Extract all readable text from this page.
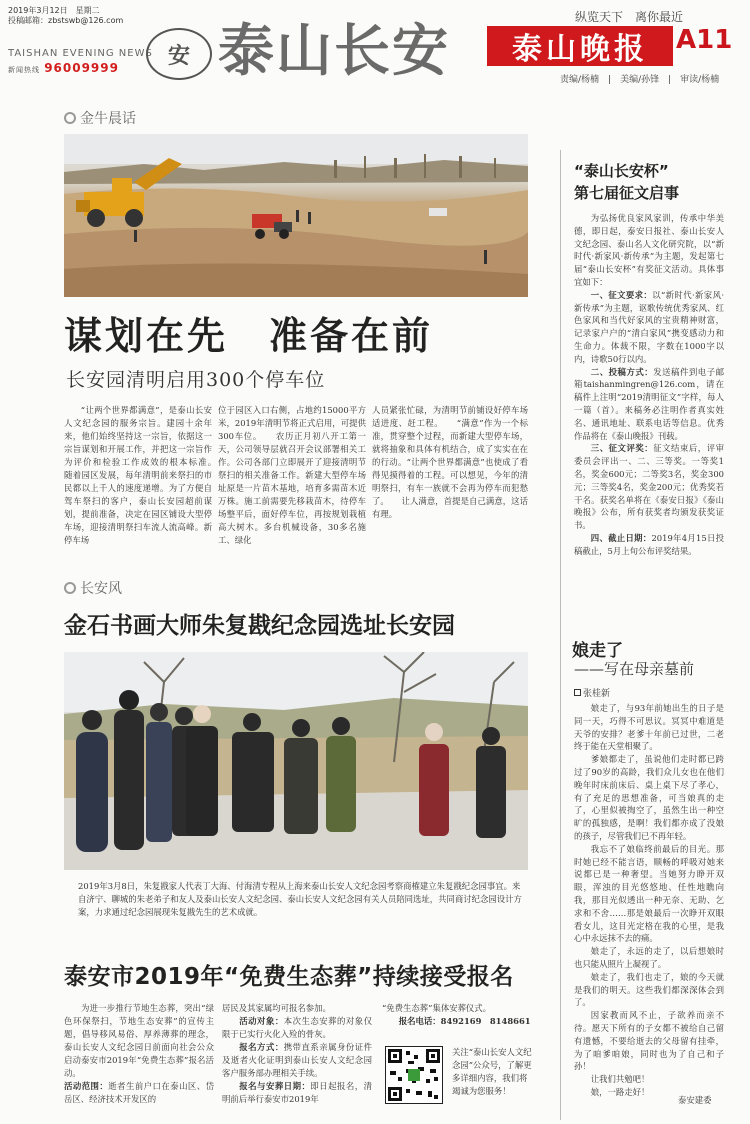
2019年3月12日　星期二
投稿邮箱：zbstswb@126.com
TAISHAN EVENING NEWS
新闻热线 96009999	安 泰山长安
纵览天下　离你最近
泰山晚报	A11
责编/杨楠　|　美编/孙锋　|　审读/杨楠
金牛晨话
谋划在先　准备在前
长安园清明启用300个停车位
“让两个世界都满意”，是泰山长安人文纪念园的服务宗旨。建园十余年来，他们始终坚持这一宗旨，依据这一宗旨谋划和开展工作，并把这一宗旨作为评价和检验工作成效的根本标准。　　随着园区发展，每年清明前来祭扫的市民都以上千人的速度递增。为了方便自驾车祭扫的客户，泰山长安园超前谋划，提前准备，决定在园区铺设大型停车场，迎接清明祭扫车流人流高峰。新停车场
位于园区入口右侧，占地约15000平方米，2019年清明节将正式启用，可提供300车位。　　农历正月初八开工第一天，公司领导层就召开会议部署相关工作。公司各部门立即展开了迎接清明节祭扫的相关准备工作。新建大型停车场址原是一片苗木基地，培育多需苗木近万株。施工前需要先移栽苗木，待停车场整平后，面好停车位，再按规划栽植高大树木。多台机械设备，30多名施工、绿化
人员紧张忙碌，为清明节前铺设好停车场适进度、赶工程。　　“满意”作为一个标准，贯穿整个过程，而新建大型停车场，就将抽象和具体有机结合，成了实实在在的行动。“让两个世界都满意”也使成了看得见摸得着的工程。可以想见，今年的清明祭扫，有车一族就不会再为停车而犯愁了。　　让人满意，首提是自己满意，这话有理。
长安风
金石书画大师朱复戡纪念园选址长安园
2019年3月8日，朱复戡家人代表丁大海、付海清专程从上海来泰山长安人文纪念园考察商榷建立朱复戡纪念园事宜。来自济宁、聊城的朱老弟子和友人及泰山长安人文纪念园、泰山长安人文纪念园有关人员陪同选址，共同商讨纪念园设计方案，力求通过纪念园展现朱复戡先生的艺术成就。
泰安市2019年“免费生态葬”持续接受报名
为进一步推行节地生态葬，突出“绿色环保祭扫，节地生态安葬”的宣传主题，倡导移风易俗、厚养薄葬的理念，泰山长安人文纪念园日前面向社会公众启动泰安市2019年“免费生态葬”报名活动。
活动范围：逝者生前户口在泰山区、岱岳区、经济技术开发区的
居民及其家属均可报名参加。
活动对象：本次生态安葬的对象仅限于已实行火化入殓的骨灰。
报名方式：携带直系亲属身份证件及逝者火化证明到泰山长安人文纪念园客户服务部办理相关手续。
报名与安葬日期：即日起报名，清明前后举行泰安市2019年
“免费生态葬”集体安葬仪式。
报名电话：8492169　8148661
关注“泰山长安人文纪念园”公众号，了解更多详细内容，我们将竭诚为您服务！
“泰山长安杯”
第七届征文启事

为弘扬优良家风家训，传承中华美德，即日起，泰安日报社、泰山长安人文纪念园、泰山名人文化研究院，以“新时代·新家风·新传承”为主题，发起第七届“泰山长安杯”有奖征文活动。具体事宜如下：

一、征文要求：以“新时代·新家风·新传承”为主题，讴歌传统优秀家风、红色家风和当代好家风的宝贵精神财富，记录家户户的“清白家风”携变感动力和生命力。体裁不限，字数在1000字以内，诗歌50行以内。

二、投稿方式：发送稿件到电子邮箱taishanmingren@126.com，请在稿件上注明“2019清明征文”字样，每人一篇（首）。来稿务必注明作者真实姓名、通讯地址、联系电话等信息。优秀作品将在《泰山晚报》刊载。

三、征文评奖：征文结束后，评审委员会评出一、二、三等奖。一等奖1名，奖金600元；二等奖3名，奖金300元；三等奖4名，奖金200元；优秀奖若干名。获奖名单将在《泰安日报》《泰山晚报》公布，所有获奖者均颁发获奖证书。

四、截止日期：2019年4月15日投稿截止，5月上旬公布评奖结果。

娘走了
——写在母亲墓前
张桂新

娘走了，与93年前她出生的日子是同一天，巧得不可思议。冥冥中难道是天爷的安排？老爹十年前已过世，二老终于能在天堂相聚了。

爹娘都走了，虽说他们走时都已跨过了90岁的高龄，我们众儿女也在他们晚年时床前床后、桌上桌下尽了孝心，有了充足的思想准备，可当娘真的走了，心里似被掏空了，虽然生出一种空旷的孤独感，是啊！我们都亦成了没娘的孩子，尽管我们已不再年轻。

我忘不了娘临终前最后的目光。那时她已经不能言语，顺畅的呼吸对她来说都已是一种奢望。当她努力睁开双眼，浑浊的目光悠悠地、任性地瞧向我，那目光似透出一种无奈、无助、乞求和不舍……那是娘最后一次睁开双眼看女儿，这目光定格在我的心里，是我心中永远抹不去的痛。

娘走了，永远的走了，以后想娘时也只能从照片上凝视了。

娘走了，我们也走了，娘的今天就是我们的明天。这些我们都深深体会到了。

因家教而风不止，子欲养而亲不待。愿天下所有的子女都不被给自己留有遗憾，不要给逝去的父母留有挂牵，为了咱爹咱娘，同时也为了自己和子孙！

让我们共勉吧！

娘，一路走好！

泰安建委
